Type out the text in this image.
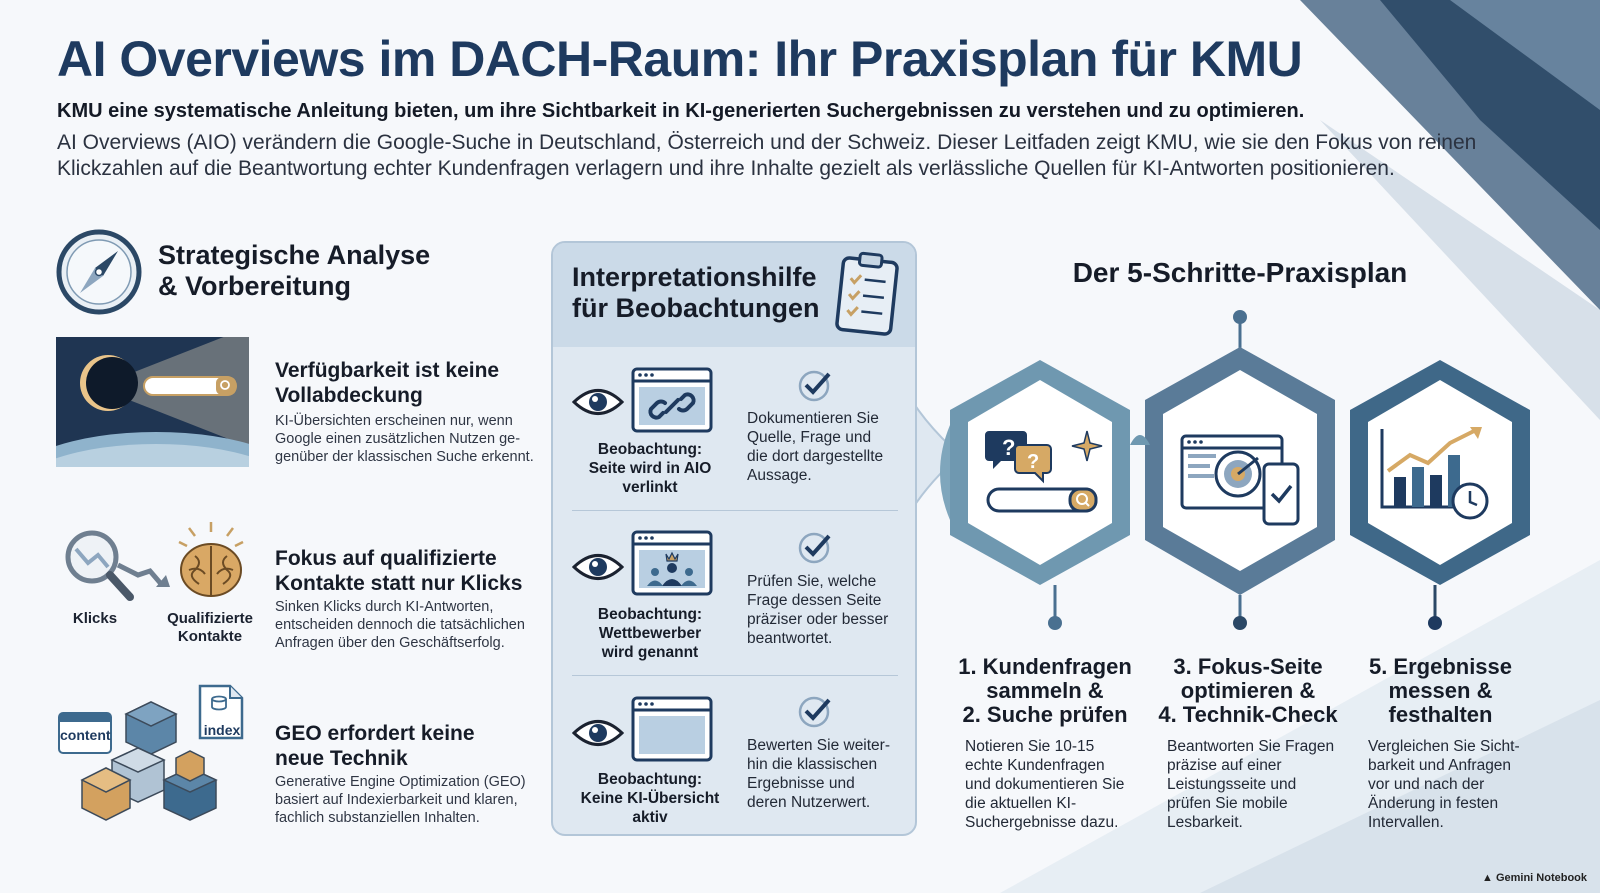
AI Overviews im DACH-Raum: Ihr Praxisplan für KMU
KMU eine systematische Anleitung bieten, um ihre Sichtbarkeit in KI-generierten Suchergebnissen zu verstehen und zu optimieren.
AI Overviews (AIO) verändern die Google-Suche in Deutschland, Österreich und der Schweiz. Dieser Leitfaden zeigt KMU, wie sie den Fokus von reinen
Klickzahlen auf die Beantwortung echter Kundenfragen verlagern und ihre Inhalte gezielt als verlässliche Quellen für KI-Antworten positionieren.
Strategische Analyse
& Vorbereitung
Verfügbarkeit ist keine
Vollabdeckung
KI-Übersichten erscheinen nur, wenn
Google einen zusätzlichen Nutzen ge-
genüber der klassischen Suche erkennt.
Klicks	Qualifizierte
Kontakte
Fokus auf qualifizierte
Kontakte statt nur Klicks
Sinken Klicks durch KI-Antworten,
entscheiden dennoch die tatsächlichen
Anfragen über den Geschäftserfolg.
content	index GEO erfordert keine
neue Technik
Generative Engine Optimization (GEO)
basiert auf Indexierbarkeit und klaren,
fachlich substanziellen Inhalten.
Interpretationshilfe
für Beobachtungen
Beobachtung:
Seite wird in AIO
verlinkt
Dokumentieren Sie
Quelle, Frage und
die dort dargestellte
Aussage.
Beobachtung:
Wettbewerber
wird genannt
Prüfen Sie, welche
Frage dessen Seite
präziser oder besser
beantwortet.
Beobachtung:
Keine KI-Übersicht
aktiv
Bewerten Sie weiter-
hin die klassischen
Ergebnisse und
deren Nutzerwert.
Der 5-Schritte-Praxisplan
?
?
1. Kundenfragen
sammeln &
2. Suche prüfen
Notieren Sie 10-15
echte Kundenfragen
und dokumentieren Sie
die aktuellen KI-
Suchergebnisse dazu.
3. Fokus-Seite
optimieren &
4. Technik-Check
Beantworten Sie Fragen
präzise auf einer
Leistungsseite und
prüfen Sie mobile
Lesbarkeit.
5. Ergebnisse
messen &
festhalten
Vergleichen Sie Sicht-
barkeit und Anfragen
vor und nach der
Änderung in festen
Intervallen.
▲ Gemini Notebook
